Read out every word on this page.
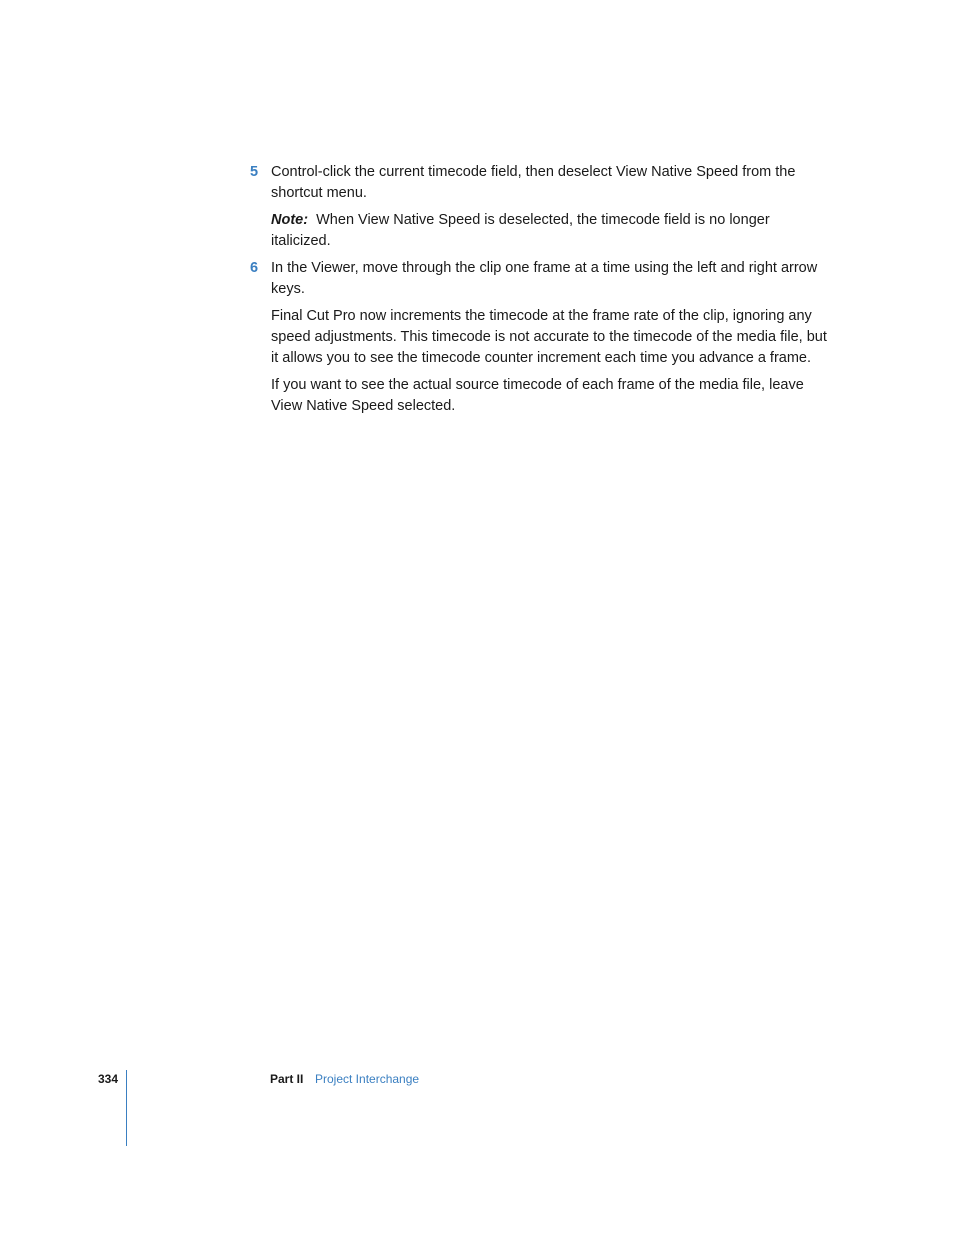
5 Control-click the current timecode field, then deselect View Native Speed from the shortcut menu.
Note: When View Native Speed is deselected, the timecode field is no longer italicized.
6 In the Viewer, move through the clip one frame at a time using the left and right arrow keys.
Final Cut Pro now increments the timecode at the frame rate of the clip, ignoring any speed adjustments. This timecode is not accurate to the timecode of the media file, but it allows you to see the timecode counter increment each time you advance a frame.
If you want to see the actual source timecode of each frame of the media file, leave View Native Speed selected.
334	Part II Project Interchange
